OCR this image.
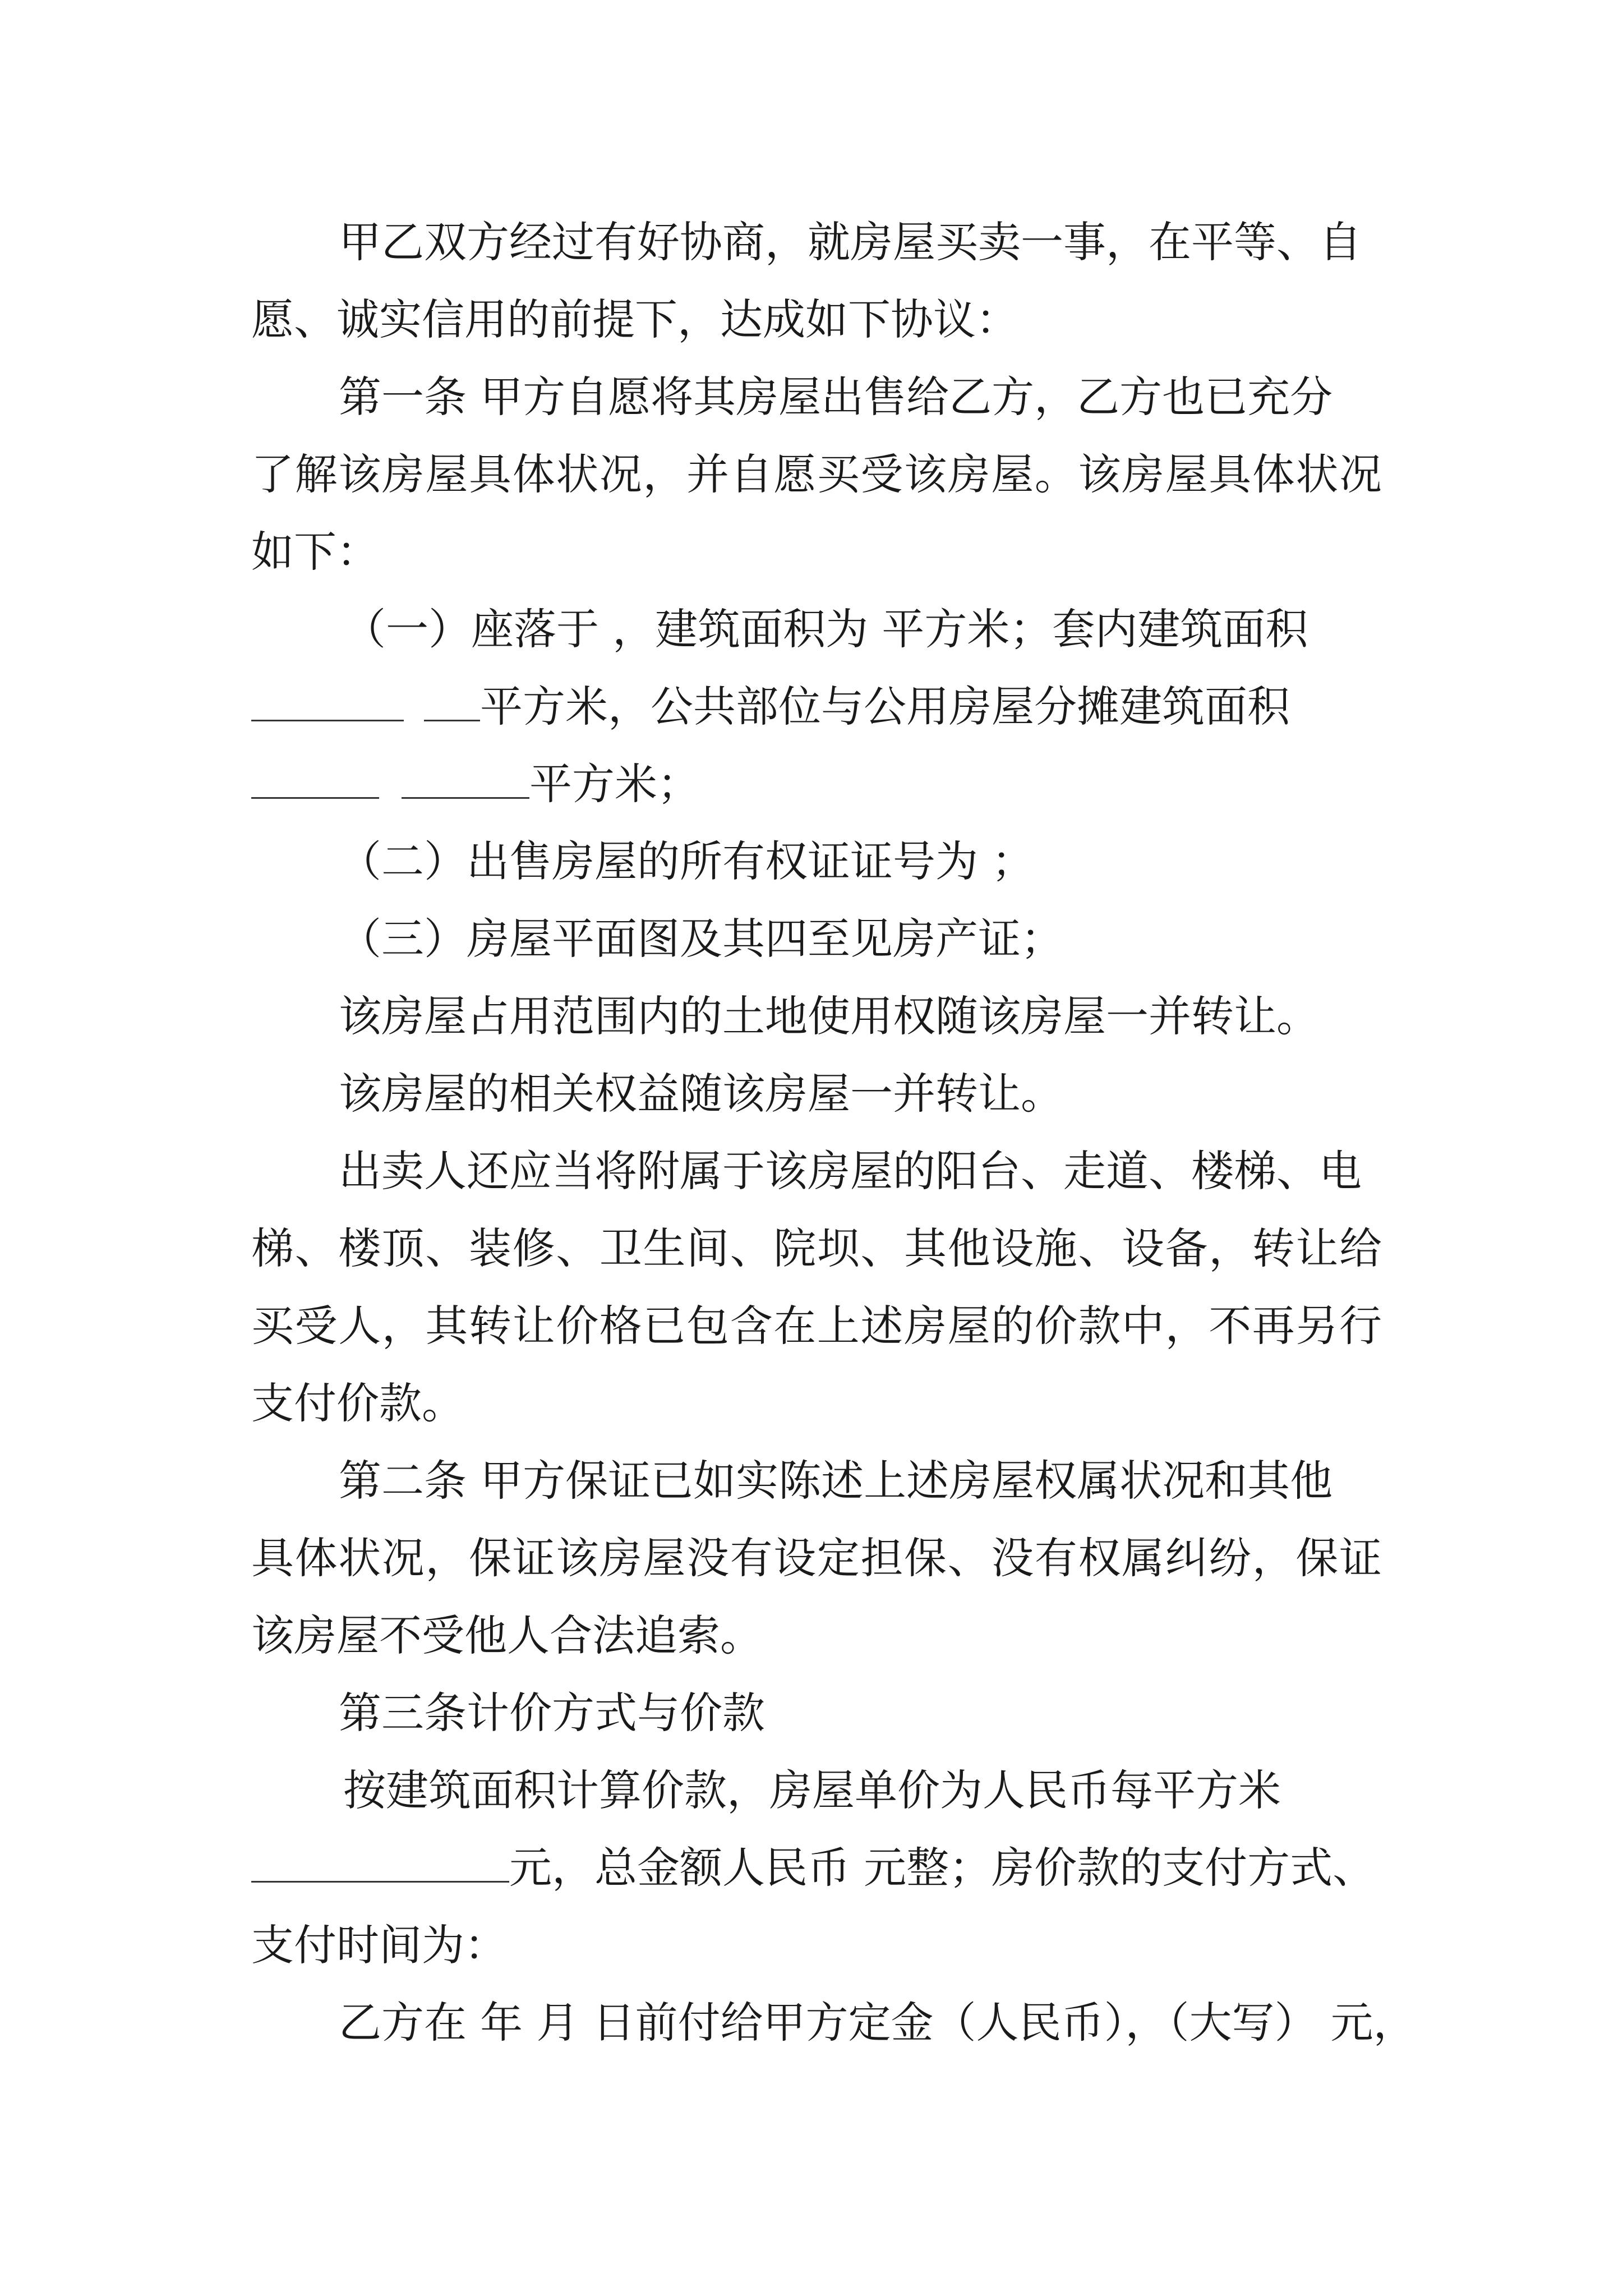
甲乙双方经过有好协商，就房屋买卖一事，在平等、自
愿、诚实信用的前提下，达成如下协议：
第一条 甲方自愿将其房屋出售给乙方，乙方也已充分
了解该房屋具体状况，并自愿买受该房屋。该房屋具体状况
如下：
（一）座落于 ，建筑面积为 平方米；套内建筑面积
平方米，公共部位与公用房屋分摊建筑面积
平方米；
（二）出售房屋的所有权证证号为 ；
（三）房屋平面图及其四至见房产证；
该房屋占用范围内的土地使用权随该房屋一并转让。
该房屋的相关权益随该房屋一并转让。
出卖人还应当将附属于该房屋的阳台、走道、楼梯、电
梯、楼顶、装修、卫生间、院坝、其他设施、设备，转让给
买受人，其转让价格已包含在上述房屋的价款中，不再另行
支付价款。
第二条 甲方保证已如实陈述上述房屋权属状况和其他
具体状况，保证该房屋没有设定担保、没有权属纠纷，保证
该房屋不受他人合法追索。
第三条计价方式与价款
按建筑面积计算价款，房屋单价为人民币每平方米
元，总金额人民币 元整；房价款的支付方式、
支付时间为：
乙方在 年 月 日前付给甲方定金（人民币），（大写） 元，
